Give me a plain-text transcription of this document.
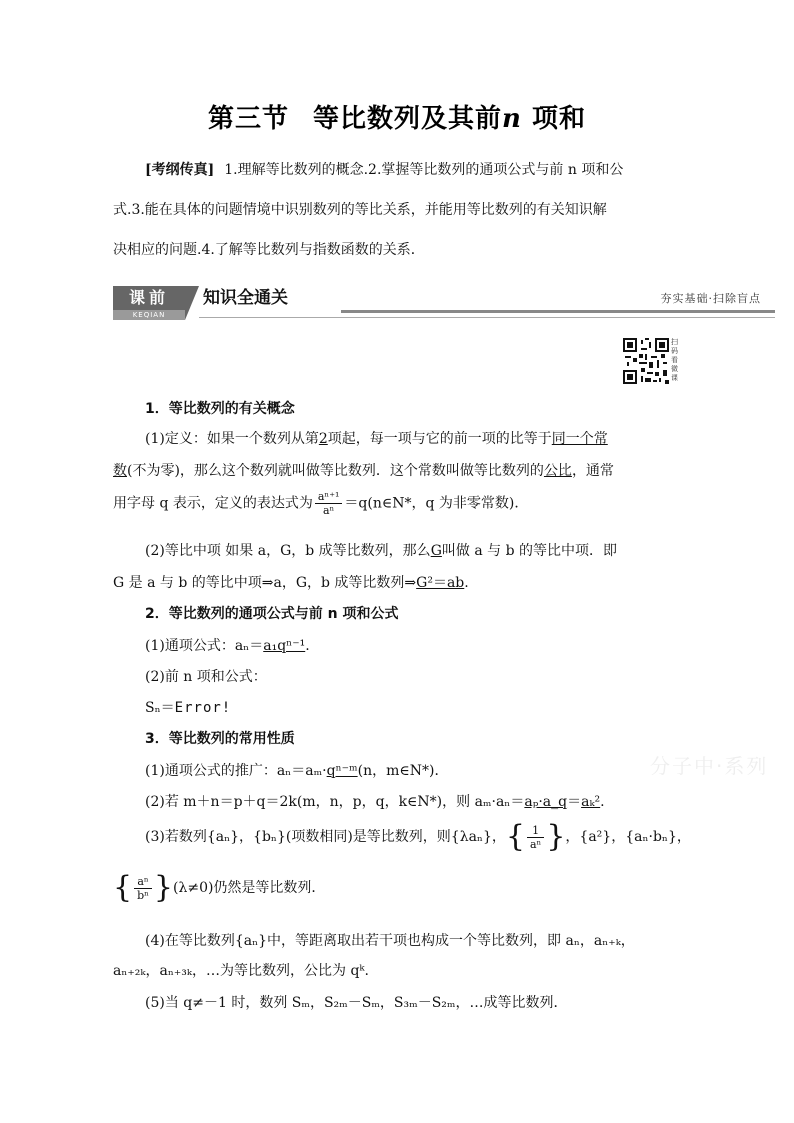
第三节 等比数列及其前n 项和
[考纲传真] 1.理解等比数列的概念.2.掌握等比数列的通项公式与前 n 项和公
式.3.能在具体的问题情境中识别数列的等比关系，并能用等比数列的有关知识解
决相应的问题.4.了解等比数列与指数函数的关系．
课前
KEQIAN
知识全通关	夯实基础·扫除盲点
扫码看微课
分子中·系列
1．等比数列的有关概念
(1)定义：如果一个数列从第2项起，每一项与它的前一项的比等于同一个常
数(不为零)，那么这个数列就叫做等比数列．这个常数叫做等比数列的公比，通常
用字母 q 表示，定义的表达式为 $\frac{\text{aⁿ⁺¹}}{\text{aⁿ}}$ ＝q(n∈N*，q 为非零常数)．
(2)等比中项 如果 a，G，b 成等比数列，那么G叫做 a 与 b 的等比中项．即
G 是 a 与 b 的等比中项⇒a，G，b 成等比数列⇒G²＝ab.
2．等比数列的通项公式与前 n 项和公式
(1)通项公式：aₙ＝a₁qⁿ⁻¹.
(2)前 n 项和公式：
Sₙ＝Error!
3．等比数列的常用性质
(1)通项公式的推广：aₙ＝aₘ·qⁿ⁻ᵐ(n，m∈N*)．
(2)若 m＋n＝p＋q＝2k(m，n，p，q，k∈N*)，则 aₘ·aₙ＝aₚ·a_q＝aₖ².
(3)若数列{aₙ}，{bₙ}(项数相同)是等比数列，则{λaₙ}，{ $\frac{1}{\text{aⁿ}}$ }，{a²}，{aₙ·bₙ}，
{ $\frac{\text{aⁿ}}{\text{bⁿ}} \}(\lambda\ne 0)$仍然是等比数列．
(4)在等比数列{aₙ}中，等距离取出若干项也构成一个等比数列，即 aₙ，aₙ₊ₖ，
aₙ₊₂ₖ，aₙ₊₃ₖ，…为等比数列，公比为 qᵏ.
(5)当 q≠－1 时，数列 Sₘ，S₂ₘ－Sₘ，S₃ₘ－S₂ₘ，…成等比数列．
